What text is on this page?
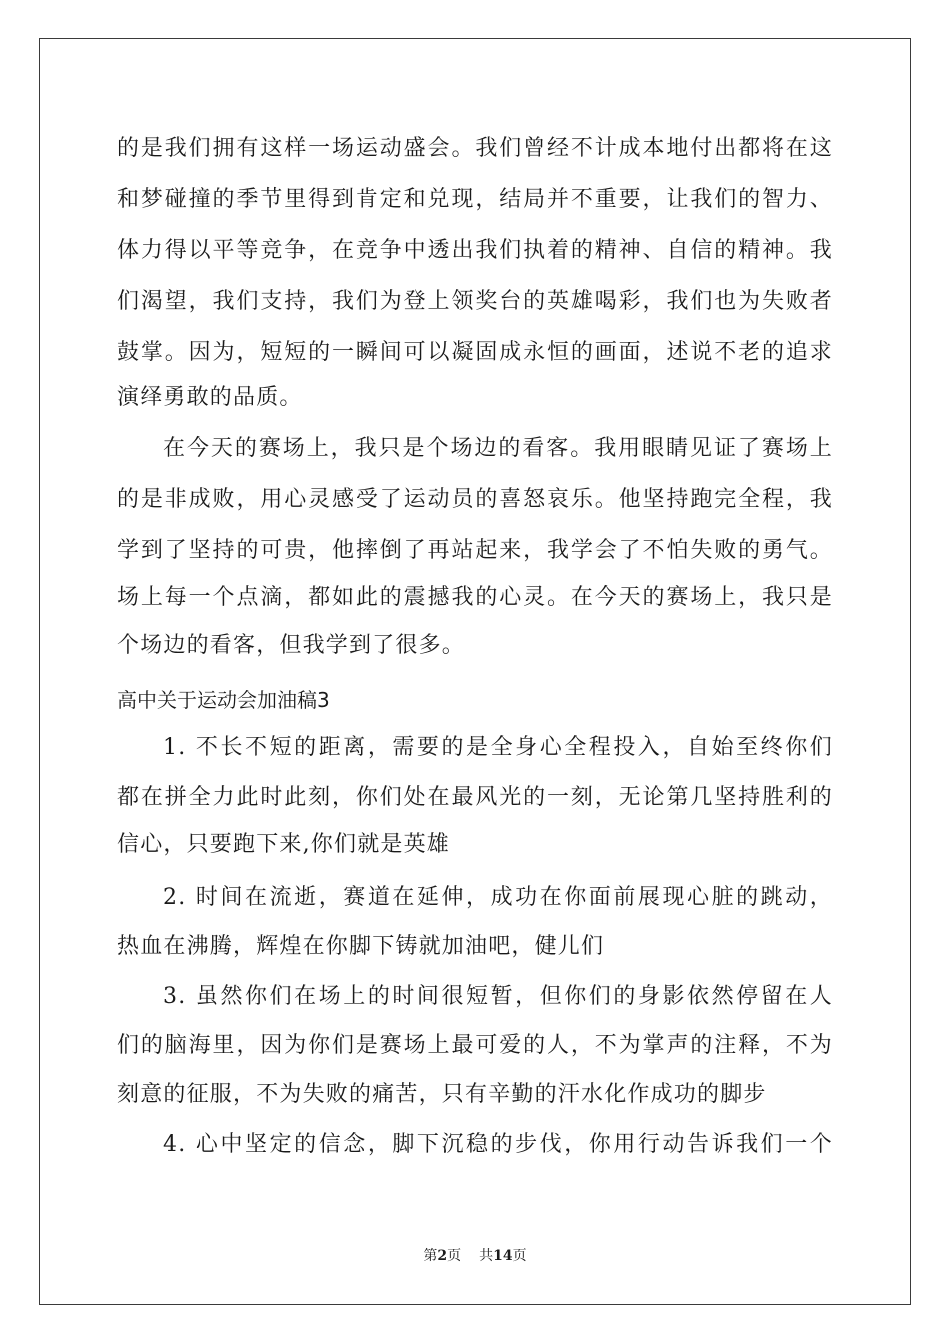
的是我们拥有这样一场运动盛会。我们曾经不计成本地付出都将在这
和梦碰撞的季节里得到肯定和兑现，结局并不重要，让我们的智力、
体力得以平等竞争，在竞争中透出我们执着的精神、自信的精神。我
们渴望，我们支持，我们为登上领奖台的英雄喝彩，我们也为失败者
鼓掌。因为，短短的一瞬间可以凝固成永恒的画面，述说不老的追求
演绎勇敢的品质。
在今天的赛场上，我只是个场边的看客。我用眼睛见证了赛场上
的是非成败，用心灵感受了运动员的喜怒哀乐。他坚持跑完全程，我
学到了坚持的可贵，他摔倒了再站起来，我学会了不怕失败的勇气。
场上每一个点滴，都如此的震撼我的心灵。在今天的赛场上，我只是
个场边的看客，但我学到了很多。
高中关于运动会加油稿3
1. 不长不短的距离，需要的是全身心全程投入，自始至终你们
都在拼全力此时此刻，你们处在最风光的一刻，无论第几坚持胜利的
信心，只要跑下来,你们就是英雄
2. 时间在流逝，赛道在延伸，成功在你面前展现心脏的跳动，
热血在沸腾，辉煌在你脚下铸就加油吧，健儿们
3. 虽然你们在场上的时间很短暂，但你们的身影依然停留在人
们的脑海里，因为你们是赛场上最可爱的人，不为掌声的注释，不为
刻意的征服，不为失败的痛苦，只有辛勤的汗水化作成功的脚步
4. 心中坚定的信念，脚下沉稳的步伐，你用行动告诉我们一个
第2页 共14页
